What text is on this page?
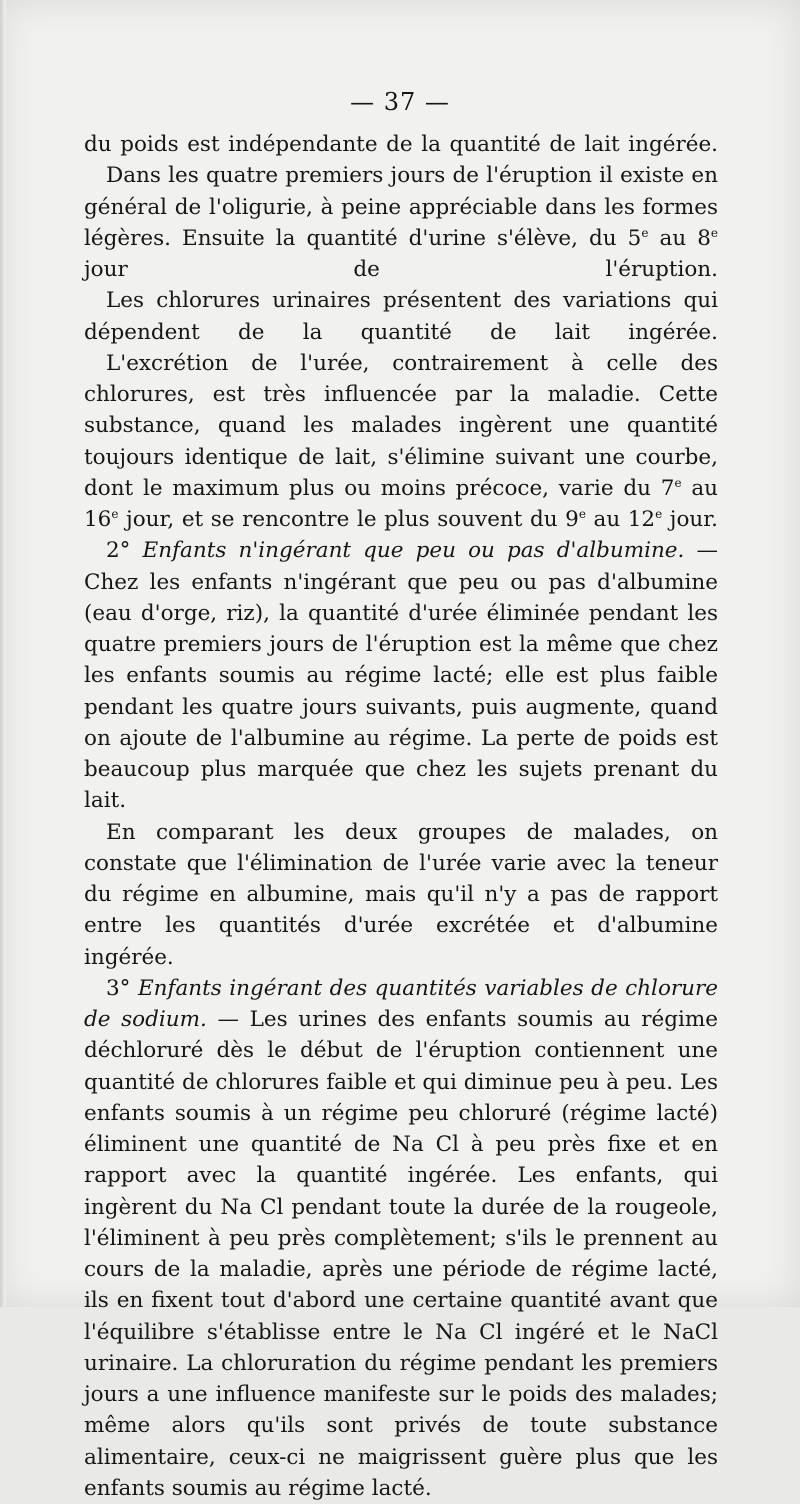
— 37 —

du poids est indépendante de la quantité de lait ingérée.

Dans les quatre premiers jours de l'éruption il existe en général de l'oligurie, à peine appréciable dans les formes légères. Ensuite la quantité d'urine s'élève, du 5e au 8e jour de l'éruption.

Les chlorures urinaires présentent des variations qui dépendent de la quantité de lait ingérée.

L'excrétion de l'urée, contrairement à celle des chlorures, est très influencée par la maladie. Cette substance, quand les malades ingèrent une quantité toujours identique de lait, s'élimine suivant une courbe, dont le maximum plus ou moins précoce, varie du 7e au 16e jour, et se rencontre le plus souvent du 9e au 12e jour.

2° Enfants n'ingérant que peu ou pas d'albumine. — Chez les enfants n'ingérant que peu ou pas d'albumine (eau d'orge, riz), la quantité d'urée éliminée pendant les quatre premiers jours de l'éruption est la même que chez les enfants soumis au régime lacté; elle est plus faible pendant les quatre jours suivants, puis augmente, quand on ajoute de l'albumine au régime. La perte de poids est beaucoup plus marquée que chez les sujets prenant du lait.

En comparant les deux groupes de malades, on constate que l'élimination de l'urée varie avec la teneur du régime en albumine, mais qu'il n'y a pas de rapport entre les quantités d'urée excrétée et d'albumine ingérée.

3° Enfants ingérant des quantités variables de chlorure de sodium. — Les urines des enfants soumis au régime déchloruré dès le début de l'éruption contiennent une quantité de chlorures faible et qui diminue peu à peu. Les enfants soumis à un régime peu chloruré (régime lacté) éliminent une quantité de Na Cl à peu près fixe et en rapport avec la quantité ingérée. Les enfants, qui ingèrent du Na Cl pendant toute la durée de la rougeole, l'éliminent à peu près complètement; s'ils le prennent au cours de la maladie, après une période de régime lacté, ils en fixent tout d'abord une certaine quantité avant que l'équilibre s'établisse entre le Na Cl ingéré et le NaCl urinaire. La chloruration du régime pendant les premiers jours a une influence manifeste sur le poids des malades; même alors qu'ils sont privés de toute substance alimentaire, ceux-ci ne maigrissent guère plus que les enfants soumis au régime lacté.
